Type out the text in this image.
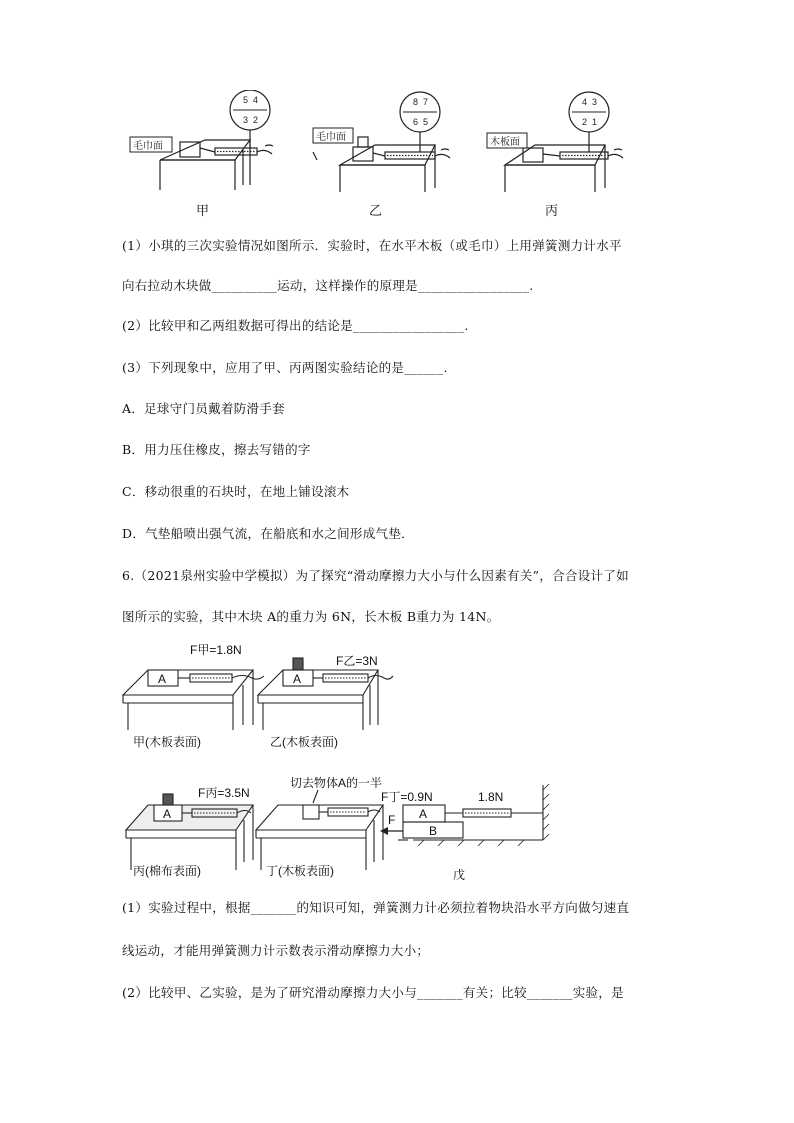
5 4
3 2
毛巾面
8 7
6 5
毛巾面
4 3
2 1
木板面
甲	乙	丙
(1）小琪的三次实验情况如图所示．实验时，在水平木板（或毛巾）上用弹簧测力计水平
向右拉动木块做__________运动，这样操作的原理是_________________.
(2）比较甲和乙两组数据可得出的结论是_________________.
(3）下列现象中，应用了甲、丙两图实验结论的是______.
A．足球守门员戴着防滑手套
B．用力压住橡皮，擦去写错的字
C．移动很重的石块时，在地上铺设滚木
D．气垫船喷出强气流，在船底和水之间形成气垫．
6.（2021泉州实验中学模拟）为了探究“滑动摩擦力大小与什么因素有关”，合合设计了如
图所示的实验，其中木块 A的重力为 6N，长木板 B重力为 14N。
A
F甲=1.8N
A
F乙=3N
A
F丙=3.5N
切去物体A的一半
F丁=0.9N
A
B
1.8N
F
甲(木板表面)	乙(木板表面)
丙(棉布表面)	丁(木板表面)	戊
(1）实验过程中，根据_______的知识可知，弹簧测力计必须拉着物块沿水平方向做匀速直
线运动，才能用弹簧测力计示数表示滑动摩擦力大小；
(2）比较甲、乙实验，是为了研究滑动摩擦力大小与_______有关；比较_______实验，是
